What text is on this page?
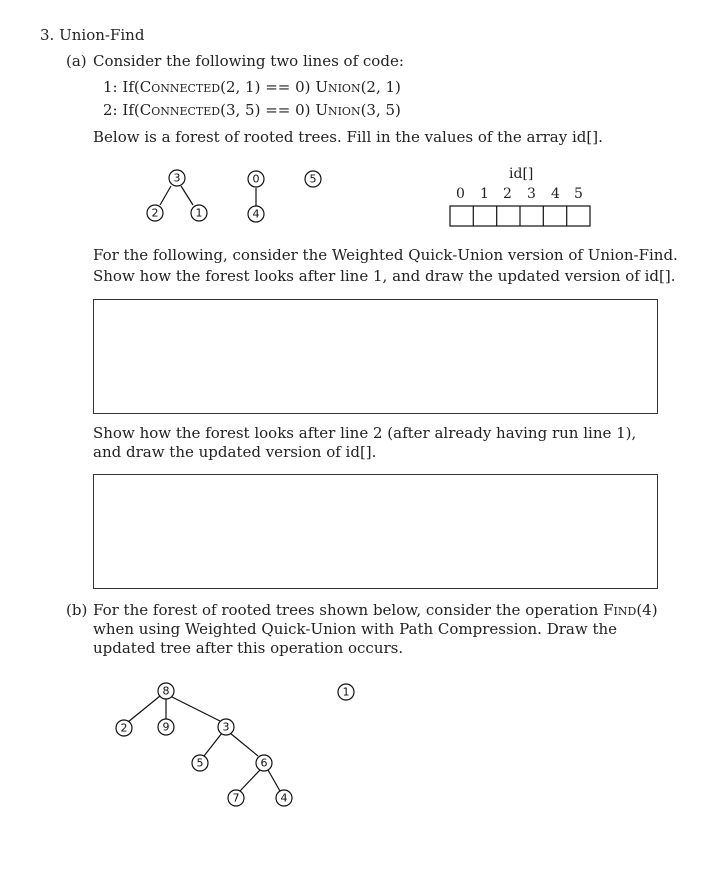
3. Union-Find
(a) Consider the following two lines of code:
1: If(Connected(2, 1) == 0) Union(2, 1)
2: If(Connected(3, 5) == 0) Union(3, 5)
Below is a forest of rooted trees. Fill in the values of the array id[].
3
2	1
0
4
5	id[]
0 1 2 3 4 5
For the following, consider the Weighted Quick-Union version of Union-Find.
Show how the forest looks after line 1, and draw the updated version of id[].
Show how the forest looks after line 2 (after already having run line 1), and draw the updated version of id[].
(b) For the forest of rooted trees shown below, consider the operation Find(4) when using Weighted Quick-Union with Path Compression. Draw the updated tree after this operation occurs.
8
2	9	3
5	6
7	4
1
